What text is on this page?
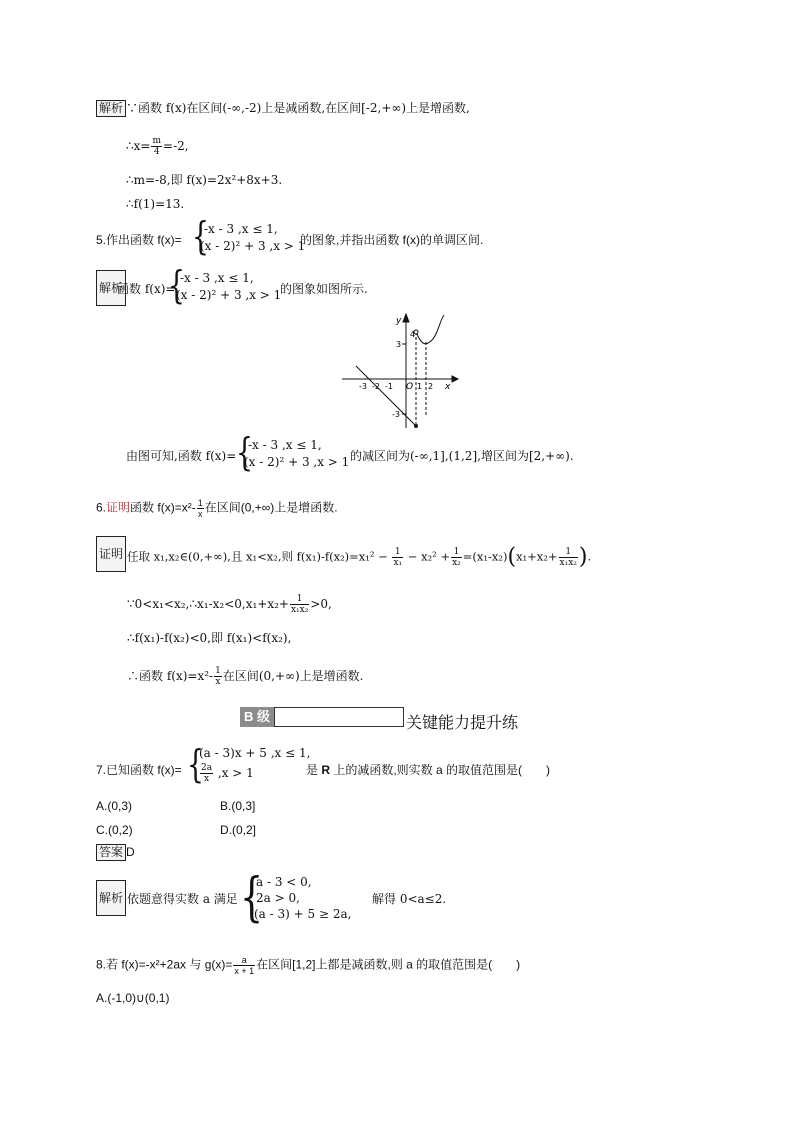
解析 ∵函数 f(x)在区间(-∞,-2)上是减函数,在区间[-2,+∞)上是增函数,
∴x= $\frac{m}{4} =-2$,
∴m=-8,即 f(x)=2x²+8x+3.
∴f(1)=13.
5.作出函数 f(x)= {
-x - 3 ,x ≤ 1,
(x - 2)² + 3 ,x > 1
的图象,并指出函数 f(x)的单调区间.
解析
函数 f(x)=
{
-x - 3 ,x ≤ 1,
(x - 2)² + 3 ,x > 1
的图象如图所示.
y
x
O
3
-3
-3 -2 -1	1 2
4
由图可知,函数 f(x)= {
-x - 3 ,x ≤ 1,
(x - 2)² + 3 ,x > 1 的减区间为(-∞,1],(1,2],增区间为[2,+∞).
6.证明函数 $f(x)=x^2- \frac{1}{x}$ 在区间(0,+∞)上是增函数.
证明 任取 x₁,x₂∈(0,+∞),且 x₁<x₂,则 $f(x_1)-f(x_2)=x_1^2 - \frac{1}{\text{x₁}} - x_2^2 + \frac{1}{\text{x₂}} =(x_1-x_2)(x_1+x_2+ \frac{1}{\text{x₁x₂}}$ ).
∵0<x₁<x₂,∴x₁-x₂<0,x₁+x₂+ $\frac{1}{\text{x₁x₂}} >0$,
∴f(x₁)-f(x₂)<0,即 f(x₁)<f(x₂),
∴函数 $f(x)=x^2- \frac{1}{x}$ 在区间(0,+∞)上是增函数.
B 级	关键能力提升练
7.已知函数 f(x)= {
(a - 3)x + 5 ,x ≤ 1,
$\frac{2a}{x} ,x > 1$	是 R 上的减函数,则实数 a 的取值范围是(　　)
A.(0,3)	B.(0,3]
C.(0,2)	D.(0,2]
答案 D
解析 依题意得实数 a 满足 {
a - 3 < 0,
2a > 0,
(a - 3) + 5 ≥ 2a,
解得 0<a≤2.
8.若 f(x)=-x²+2ax 与 $g(x)= \frac{a}{x + 1}$ 在区间[1,2]上都是减函数,则 a 的取值范围是(　　)
A.(-1,0)∪(0,1)
